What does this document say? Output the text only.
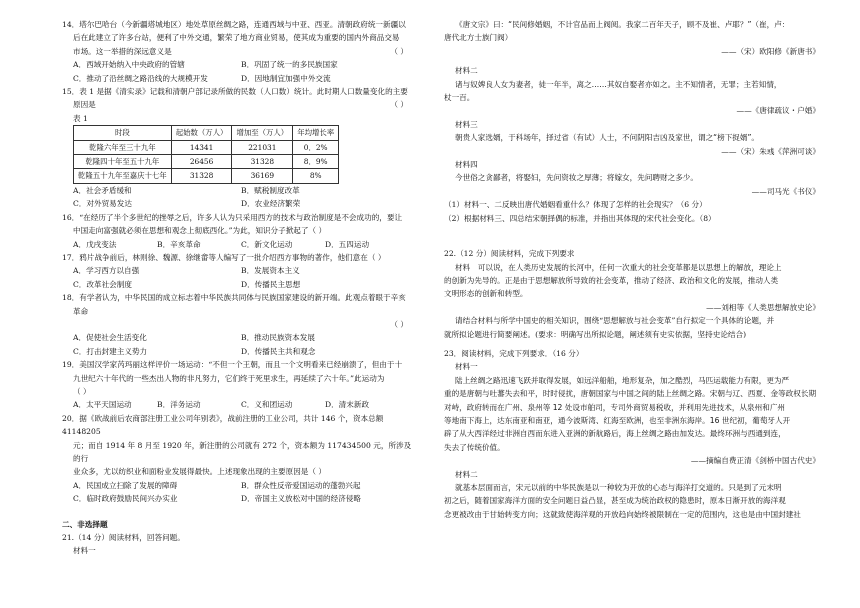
14．塔尔巴哈台（今新疆塔城地区）地处草原丝绸之路，连通西域与中亚、西亚。清朝政府统一新疆以

后在此建立了许多台站，便利了中外交通，繁荣了地方商业贸易，使其成为重要的国内外商品交易

市场。这一举措的深远意义是	（ ）

A．西域开始纳入中央政府的管辖	B．巩固了统一的多民族国家
C．推动了沿丝绸之路沿线的大规模开发	D．因地制宜加强中外交流

15．表 1 是据《清实录》记载和清朝户部记录所做的民数（人口数）统计。此时期人口数量变化的主要

原因是	（ ）

表 1

时段	起始数（万人）	增加至（万人）	年均增长率
乾隆六年至三十九年	14341	221031	0．2%
乾隆四十年至五十九年	26456	31328	8．9%
乾隆五十九年至嘉庆十七年	31328	36169	8%
A．社会矛盾缓和	B．赋税制度改革
C．对外贸易发达	D．农业经济繁荣

16．“在经历了半个多世纪的挫辱之后，许多人认为只采用西方的技术与政治制度是不会成功的，要让

中国走向富强就必须在思想和观念上彻底西化。”为此，知识分子掀起了（ ）

A．戊戌变法	B．辛亥革命	C．新文化运动	D．五四运动

17．鸦片战争前后，林则徐、魏源、徐继畲等人编写了一批介绍西方事物的著作，他们意在（ ）

A．学习西方以自强	B．发展资本主义
C．改革社会制度	D．传播民主思想

18．有学者认为，中华民国的成立标志着中华民族共同体与民族国家建设的新开端。此观点着眼于辛亥

革命

（ ）

A．促使社会生活变化	B．推动民族资本发展
C．打击封建主义势力	D．传播民主共和观念

19．美国汉学家芮玛丽这样评价一场运动：“不但一个王朝，而且一个文明看来已经崩溃了，但由于十

九世纪六十年代的一些杰出人物的非凡努力，它们终于死里求生，再延续了六十年。”此运动为

（ ）

A．太平天国运动	B．洋务运动	C．义和团运动	D．清末新政

20．据《欧战前后农商部注册工业公司年别表》，战前注册的工业公司，共计 146 个，资本总额 41148205

元；而自 1914 年 8 月至 1920 年，新注册的公司就有 272 个，资本额为 117434500 元，所涉及的行

业众多，尤以纺织业和面粉业发展得最快。上述现象出现的主要原因是（ ）

A．民国成立扫除了发展的障碍	B．群众性反帝爱国运动的蓬勃兴起
C．临时政府鼓励民间兴办实业	D．帝国主义放松对中国的经济侵略

二、非选择题

21.（14 分）阅读材料，回答问题。

材料一

《唐文宗》曰：“民间修婚姻，不计官品而上阀阅。我家二百年天子，顾不及崔、卢耶？”（崔，卢：

唐代北方士族门阀）

——（宋）欧阳修《新唐书》

材料二

诸与奴婢良人女为妻者，徒一年半，离之……其奴自娶者亦如之。主不知情者，无罪；主若知情，

杖一百。

——《唐律疏议・户婚》

材料三

朝贵人家选婿，于科场年，择过省（有试）人士，不问阴阳吉凶及家世，谓之“榜下捉婿”。

——（宋）朱彧《萍洲可谈》

材料四

今世俗之贪鄙者，将娶妇，先问资妆之厚薄；将嫁女，先问聘财之多少。

——司马光《书仪》

（1）材料一、二反映出唐代婚姻看重什么？体现了怎样的社会现实？（6 分）

（2）根据材料三、四总结宋朝择偶的标准，并指出其体现的宋代社会变化。（8）

22.（12 分）阅读材料，完成下列要求

材料　可以说，在人类历史发展的长河中，任何一次重大的社会变革都是以思想上的解放，理论上

的创新为先导的。正是由于思想解放所导致的社会变革，推动了经济、政治和文化的发展，推动人类

文明形态的创新和转型。

——刘相等《人类思想解放史论》

请结合材料与所学中国史的相关知识，围绕“思想解放与社会变革”自行拟定一个具体的论题，并

就所拟论题进行简要阐述。(要求：明确写出所拟论题，阐述须有史实依据，坚持史论结合)

23．阅读材料，完成下列要求．（16 分）

材料一

陆上丝绸之路迅速飞跃并取得发展，如远洋船舶，地形复杂，加之酷烈，马匹运载能力有限，更为严

重的是唐朝与吐蕃失去和平，时时侵扰，唐朝国家与中国之间的陆上丝绸之路。宋朝与辽、西夏、金等政权长期

对峙，政府转而在广州、泉州等 12 处设市舶司，专司外商贸易税收，并利用先进技术，从泉州和广州

等地南下海上，达东南亚和南亚，通今波斯湾、红海至欧洲，也至非洲东海岸。16 世纪初，葡萄牙人开

辟了从大西洋经过非洲自西而东进入亚洲的新航路后，海上丝绸之路由加发达。最终环洲与西通到连，

失去了传统价值。

——摘编自费正清《剑桥中国古代史》

材料二

就基本层面而言，宋元以前的中华民族是以一种较为开放的心态与海洋打交道的。只是到了元末明

初之后，随着国家海洋方面的安全问题日益凸显，甚至成为统治政权的隐患时，原本日渐开放的海洋观

念更被改由于甘始转变方向；这就致使海洋观的开放趋向始终被限制在一定的范围内，这也是由中国封建社
